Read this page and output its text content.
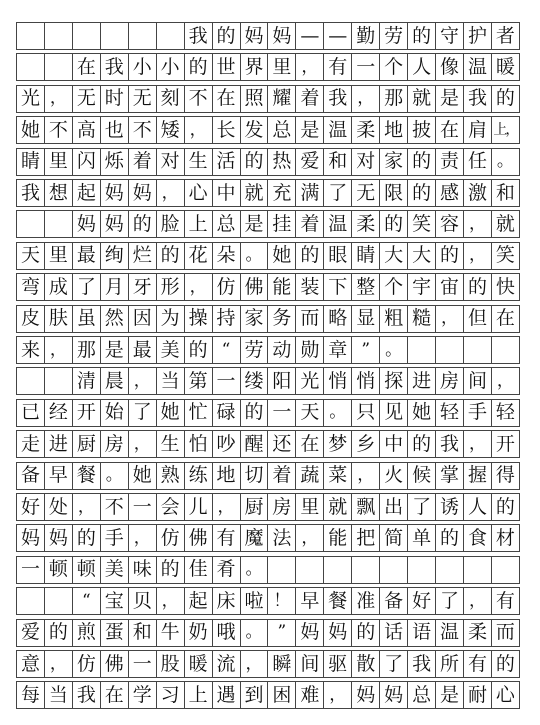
我 的 妈 妈 — — 勤 劳 的 守 护 者
在 我 小 小 的 世 界 里 ， 有 一 个 人 像 温 暖
光 ， 无 时 无 刻 不 在 照 耀 着 我 ， 那 就 是 我 的
她 不 高 也 不 矮 ， 长 发 总 是 温 柔 地 披 在 肩 上，
睛 里 闪 烁 着 对 生 活 的 热 爱 和 对 家 的 责 任 。
我 想 起 妈 妈 ， 心 中 就 充 满 了 无 限 的 感 激 和
妈 妈 的 脸 上 总 是 挂 着 温 柔 的 笑 容 ， 就
天 里 最 绚 烂 的 花 朵 。 她 的 眼 睛 大 大 的 ， 笑
弯 成 了 月 牙 形 ， 仿 佛 能 装 下 整 个 宇 宙 的 快
皮 肤 虽 然 因 为 操 持 家 务 而 略 显 粗 糙 ， 但 在
来 ， 那 是 最 美 的 “ 劳 动 勋 章 ” 。
清 晨 ， 当 第 一 缕 阳 光 悄 悄 探 进 房 间 ，
已 经 开 始 了 她 忙 碌 的 一 天 。 只 见 她 轻 手 轻
走 进 厨 房 ， 生 怕 吵 醒 还 在 梦 乡 中 的 我 ， 开
备 早 餐 。 她 熟 练 地 切 着 蔬 菜 ， 火 候 掌 握 得
好 处 ， 不 一 会 儿 ， 厨 房 里 就 飘 出 了 诱 人 的
妈 妈 的 手 ， 仿 佛 有 魔 法 ， 能 把 简 单 的 食 材
一 顿 顿 美 味 的 佳 肴 。
“ 宝 贝 ， 起 床 啦 ！ 早 餐 准 备 好 了 ， 有
爱 的 煎 蛋 和 牛 奶 哦 。 ” 妈 妈 的 话 语 温 柔 而
意 ， 仿 佛 一 股 暖 流 ， 瞬 间 驱 散 了 我 所 有 的
每 当 我 在 学 习 上 遇 到 困 难 ， 妈 妈 总 是 耐 心
